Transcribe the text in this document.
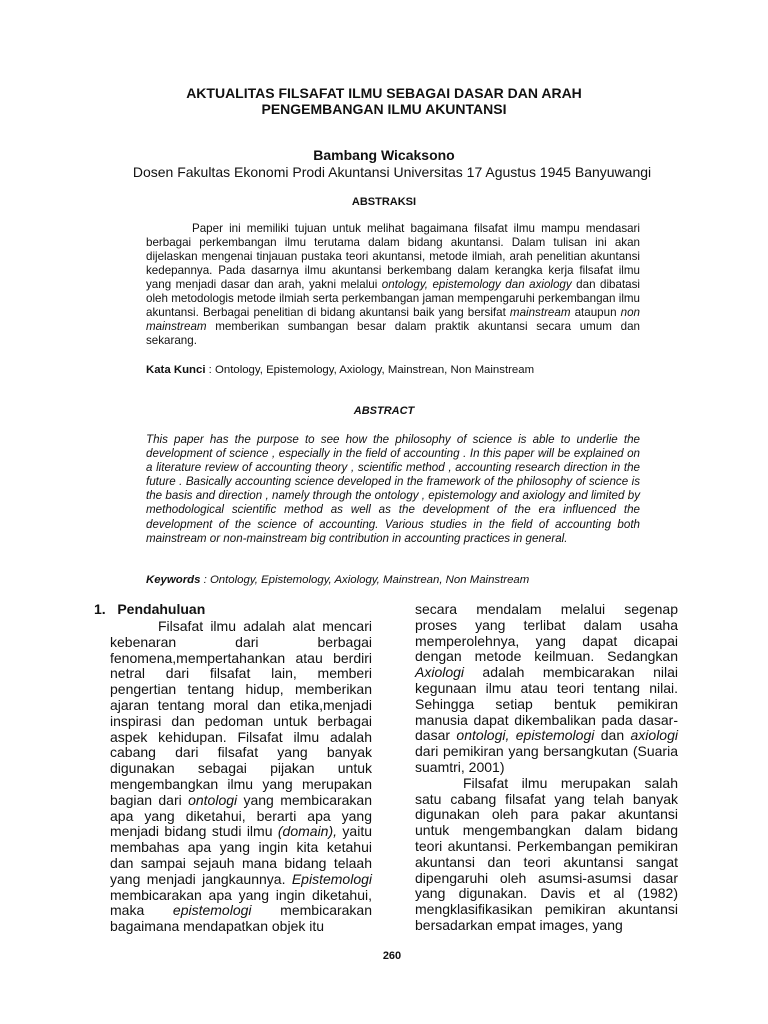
AKTUALITAS FILSAFAT ILMU SEBAGAI DASAR DAN ARAH
PENGEMBANGAN ILMU AKUNTANSI
Bambang Wicaksono
Dosen Fakultas Ekonomi Prodi Akuntansi Universitas 17 Agustus 1945 Banyuwangi
ABSTRAKSI
Paper ini memiliki tujuan untuk melihat bagaimana filsafat ilmu mampu mendasari berbagai perkembangan ilmu terutama dalam bidang akuntansi. Dalam tulisan ini akan dijelaskan mengenai tinjauan pustaka teori akuntansi, metode ilmiah, arah penelitian akuntansi kedepannya. Pada dasarnya ilmu akuntansi berkembang dalam kerangka kerja filsafat ilmu yang menjadi dasar dan arah, yakni melalui ontology, epistemology dan axiology dan dibatasi oleh metodologis metode ilmiah serta perkembangan jaman mempengaruhi perkembangan ilmu akuntansi. Berbagai penelitian di bidang akuntansi baik yang bersifat mainstream ataupun non mainstream memberikan sumbangan besar dalam praktik akuntansi secara umum dan sekarang.
Kata Kunci : Ontology, Epistemology, Axiology, Mainstrean, Non Mainstream
ABSTRACT
This paper has the purpose to see how the philosophy of science is able to underlie the development of science , especially in the field of accounting . In this paper will be explained on a literature review of accounting theory , scientific method , accounting research direction in the future . Basically accounting science developed in the framework of the philosophy of science is the basis and direction , namely through the ontology , epistemology and axiology and limited by methodological scientific method as well as the development of the era influenced the development of the science of accounting. Various studies in the field of accounting both mainstream or non-mainstream big contribution in accounting practices in general.
Keywords : Ontology, Epistemology, Axiology, Mainstrean, Non Mainstream
1.   Pendahuluan

Filsafat ilmu adalah alat mencari kebenaran dari berbagai fenomena,mempertahankan atau berdiri netral dari filsafat lain, memberi pengertian tentang hidup, memberikan ajaran tentang moral dan etika,menjadi inspirasi dan pedoman untuk berbagai aspek kehidupan. Filsafat ilmu adalah cabang dari filsafat yang banyak digunakan sebagai pijakan untuk mengembangkan ilmu yang merupakan bagian dari ontologi yang membicarakan apa yang diketahui, berarti apa yang menjadi bidang studi ilmu (domain), yaitu membahas apa yang ingin kita ketahui dan sampai sejauh mana bidang telaah yang menjadi jangkaunnya. Epistemologi membicarakan apa yang ingin diketahui, maka epistemologi membicarakan bagaimana mendapatkan objek itu

secara mendalam melalui segenap proses yang terlibat dalam usaha memperolehnya, yang dapat dicapai dengan metode keilmuan. Sedangkan Axiologi adalah membicarakan nilai kegunaan ilmu atau teori tentang nilai. Sehingga setiap bentuk pemikiran manusia dapat dikembalikan pada dasar-dasar ontologi, epistemologi dan axiologi dari pemikiran yang bersangkutan (Suaria suamtri, 2001)

Filsafat ilmu merupakan salah satu cabang filsafat yang telah banyak digunakan oleh para pakar akuntansi untuk mengembangkan dalam bidang teori akuntansi. Perkembangan pemikiran akuntansi dan teori akuntansi sangat dipengaruhi oleh asumsi-asumsi dasar yang digunakan. Davis et al (1982) mengklasifikasikan pemikiran akuntansi bersadarkan empat images, yang

260
